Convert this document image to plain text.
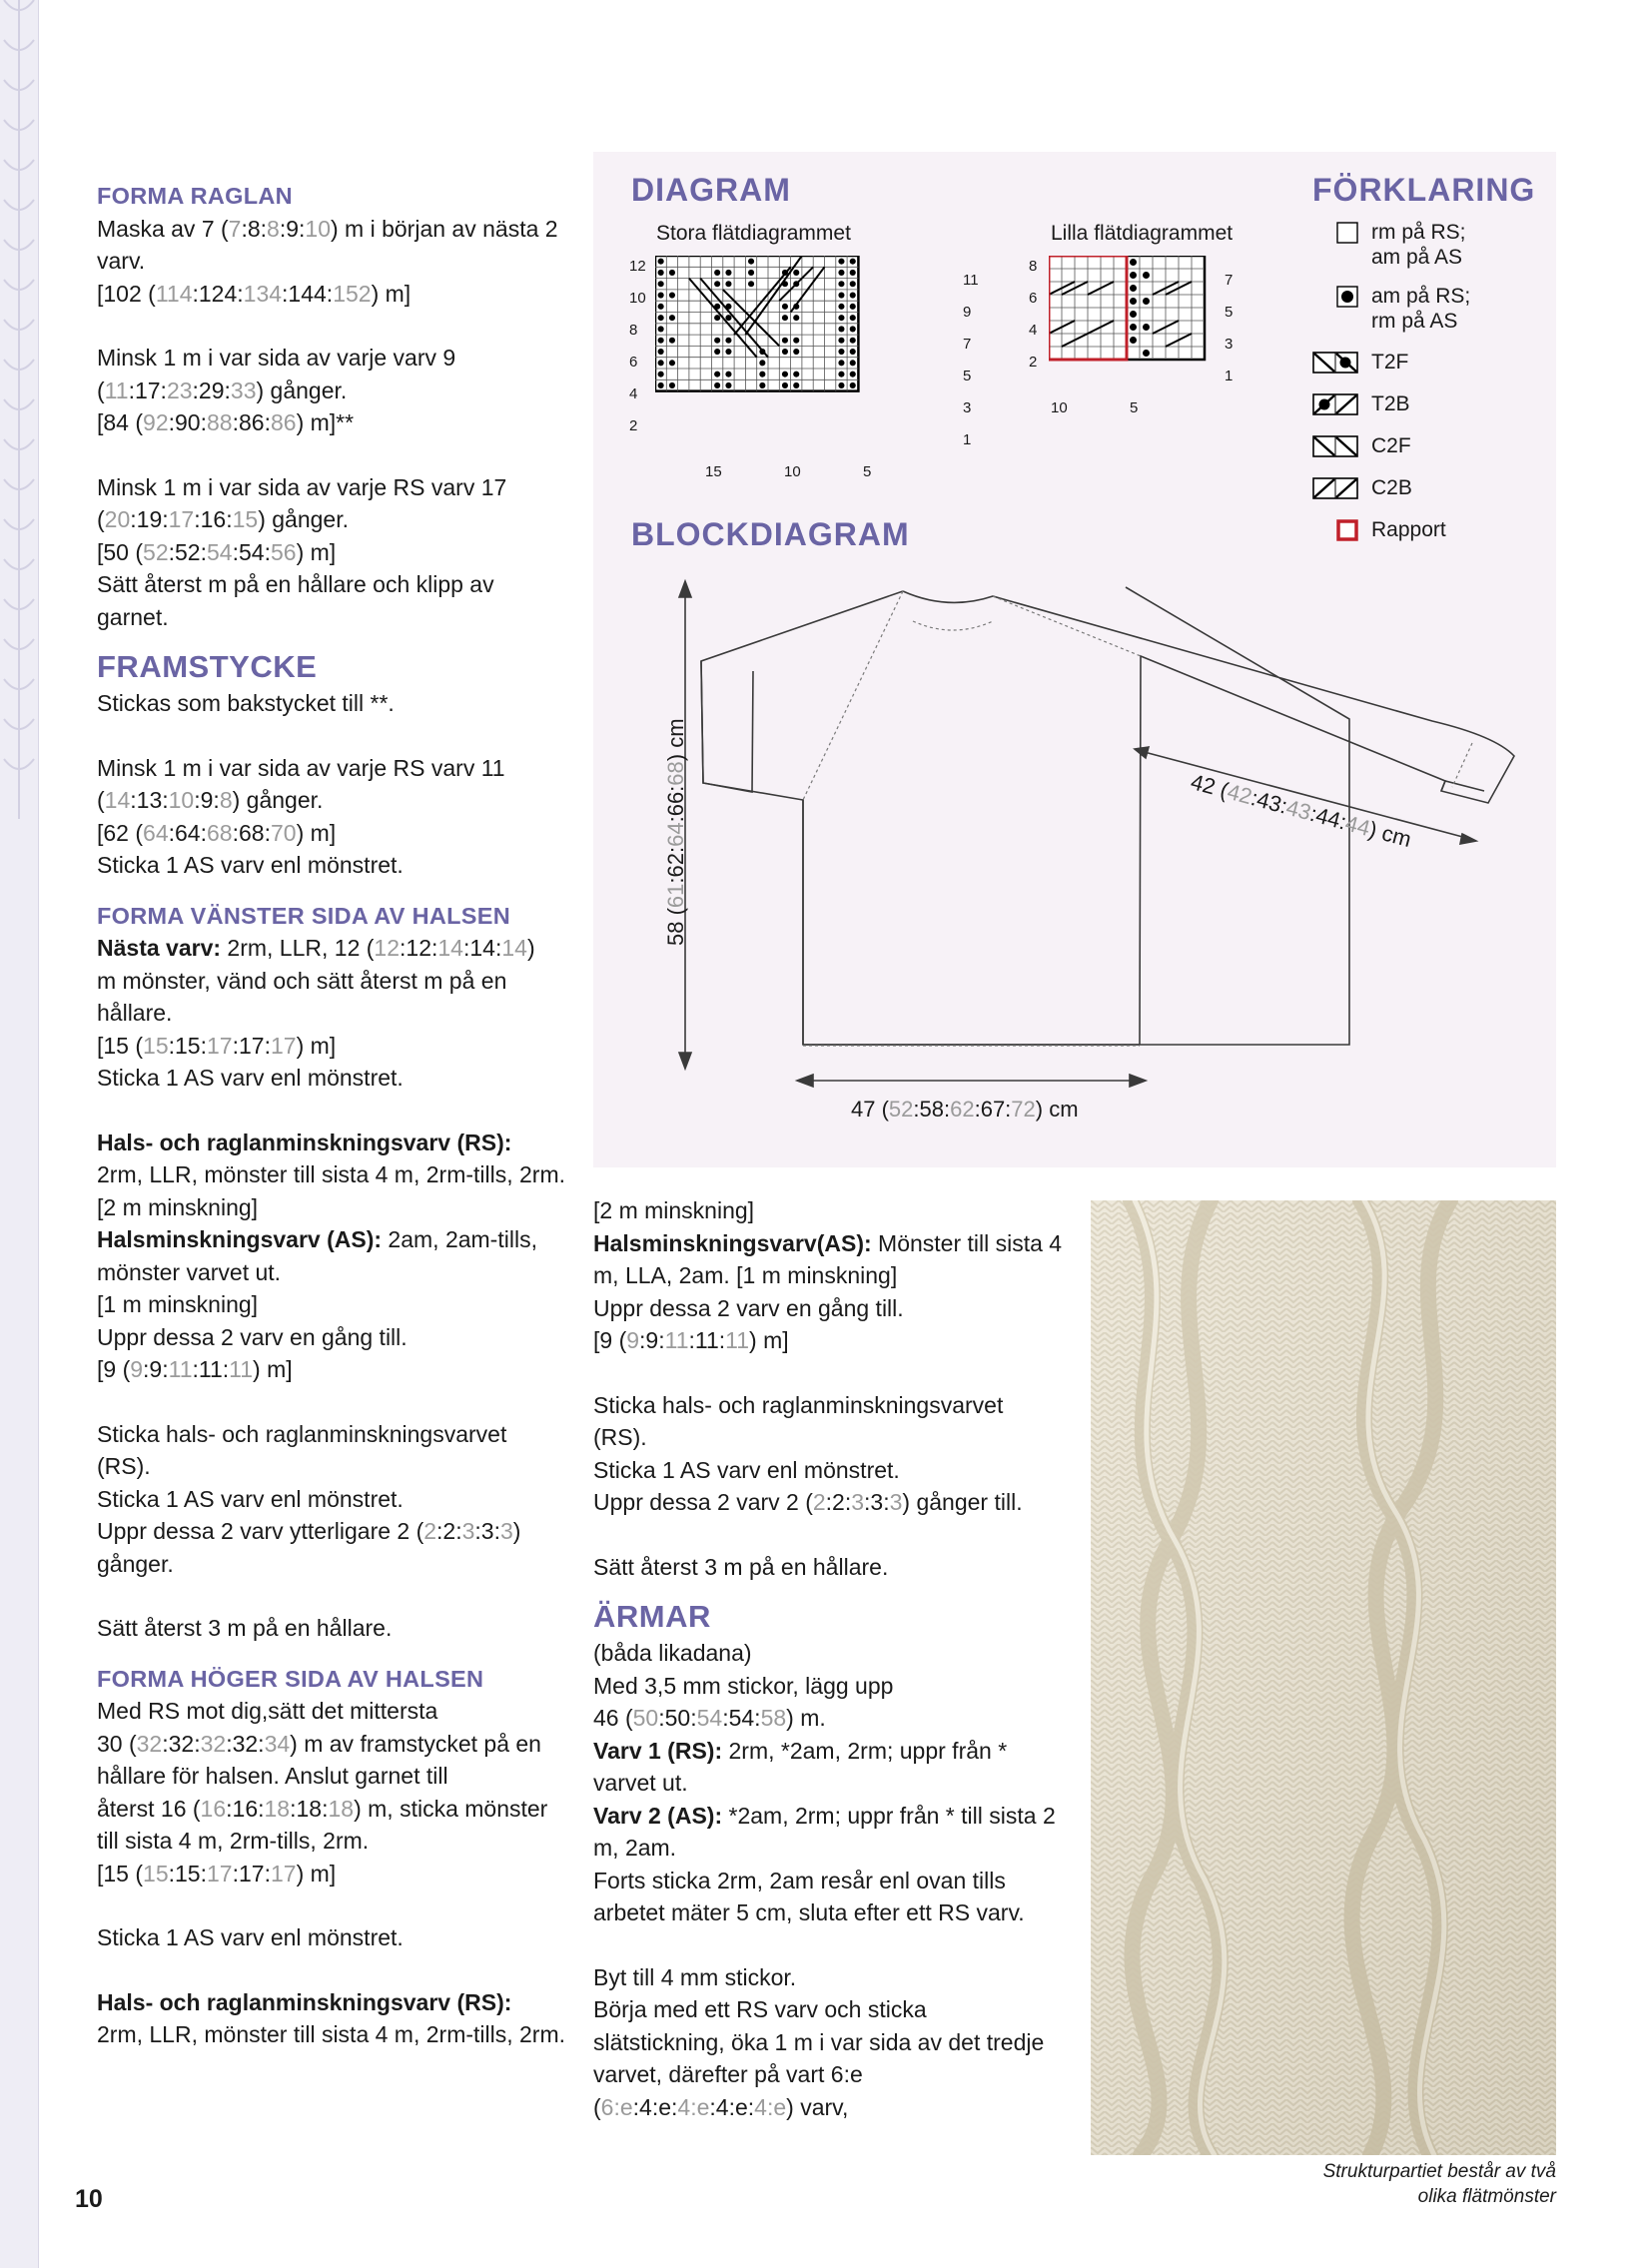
FORMA RAGLAN

Maska av 7 (7:8:8:9:10) m i början av nästa 2 varv.

[102 (114:124:134:144:152) m]

Minsk 1 m i var sida av varje varv 9

(11:17:23:29:33) gånger.

[84 (92:90:88:86:86) m]**

Minsk 1 m i var sida av varje RS varv 17

(20:19:17:16:15) gånger.

[50 (52:52:54:54:56) m]

Sätt återst m på en hållare och klipp av garnet.

FRAMSTYCKE

Stickas som bakstycket till **.

Minsk 1 m i var sida av varje RS varv 11

(14:13:10:9:8) gånger.

[62 (64:64:68:68:70) m]

Sticka 1 AS varv enl mönstret.

FORMA VÄNSTER SIDA AV HALSEN

Nästa varv: 2rm, LLR, 12 (12:12:14:14:14)

m mönster, vänd och sätt återst m på en hållare.

[15 (15:15:17:17:17) m]

Sticka 1 AS varv enl mönstret.

Hals- och raglanminskningsvarv (RS):

2rm, LLR, mönster till sista 4 m, 2rm-tills, 2rm.

[2 m minskning]

Halsminskningsvarv (AS): 2am, 2am-tills, mönster varvet ut.

[1 m minskning]

Uppr dessa 2 varv en gång till.

[9 (9:9:11:11:11) m]

Sticka hals- och raglanminskningsvarvet (RS).

Sticka 1 AS varv enl mönstret.

Uppr dessa 2 varv ytterligare 2 (2:2:3:3:3) gånger.

Sätt återst 3 m på en hållare.

FORMA HÖGER SIDA AV HALSEN

Med RS mot dig,sätt det mittersta

30 (32:32:32:32:34) m av framstycket på en hållare för halsen. Anslut garnet till

återst 16 (16:16:18:18:18) m, sticka mönster till sista 4 m, 2rm-tills, 2rm.

[15 (15:15:17:17:17) m]

Sticka 1 AS varv enl mönstret.

Hals- och raglanminskningsvarv (RS):

2rm, LLR, mönster till sista 4 m, 2rm-tills, 2rm.

[2 m minskning]

Halsminskningsvarv(AS): Mönster till sista 4 m, LLA, 2am. [1 m minskning]

Uppr dessa 2 varv en gång till.

[9 (9:9:11:11:11) m]

Sticka hals- och raglanminskningsvarvet (RS).

Sticka 1 AS varv enl mönstret.

Uppr dessa 2 varv 2 (2:2:3:3:3) gånger till.

Sätt återst 3 m på en hållare.

ÄRMAR

(båda likadana)

Med 3,5 mm stickor, lägg upp

46 (50:50:54:54:58) m.

Varv 1 (RS): 2rm, *2am, 2rm; uppr från * varvet ut.

Varv 2 (AS): *2am, 2rm; uppr från * till sista 2 m, 2am.

Forts sticka 2rm, 2am resår enl ovan tills arbetet mäter 5 cm, sluta efter ett RS varv.

Byt till 4 mm stickor.

Börja med ett RS varv och sticka slätstickning, öka 1 m i var sida av det tredje varvet, därefter på vart 6:e

(6:e:4:e:4:e:4:e:4:e) varv,

DIAGRAM
Stora flätdiagrammet	Lilla flätdiagrammet
12
10
8
6
4
2
11
9
7
5
3
1
15	10	5
8
6
4
2
7
5
3
1
10	5
FÖRKLARING
rm på RS;
am på AS
am på RS;
rm på AS
T2F
T2B
C2F
C2B
Rapport
BLOCKDIAGRAM
58 (61:62:64:66:68) cm
42 (42:43:43:44:44) cm
47 (52:58:62:67:72) cm
Strukturpartiet består av två olika flätmönster
10
